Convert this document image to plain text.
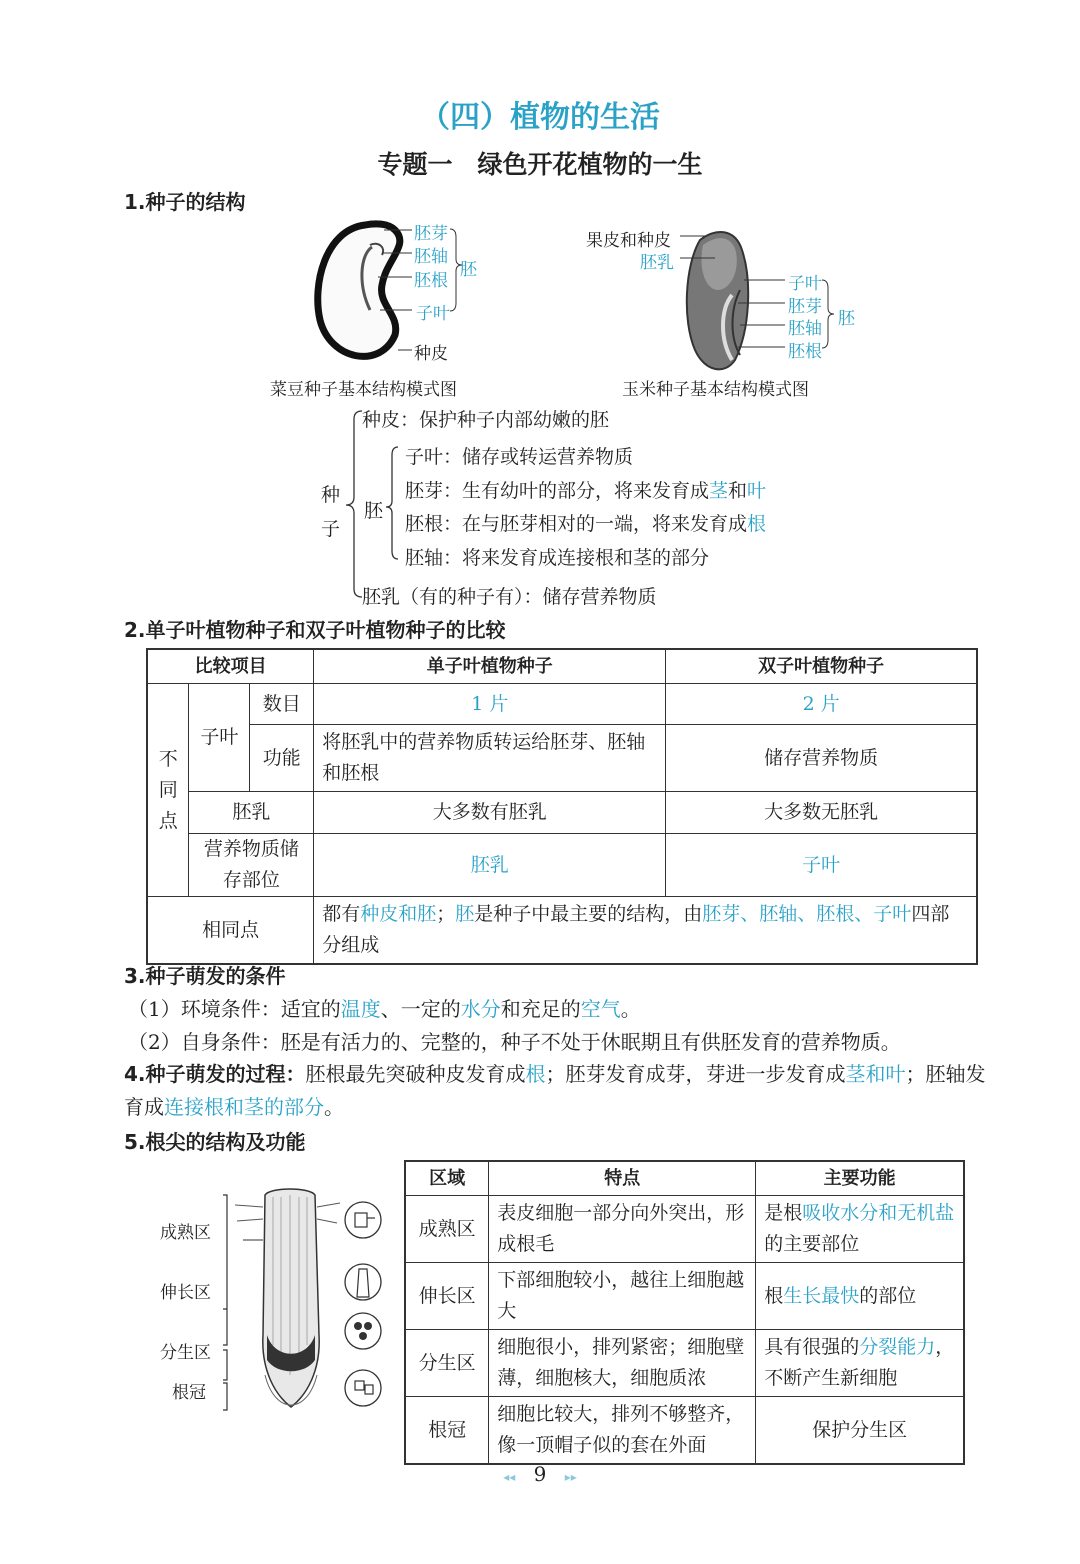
（四）植物的生活
专题一　绿色开花植物的一生
1.种子的结构
胚芽
胚轴
胚根
子叶
胚
种皮
菜豆种子基本结构模式图
果皮和种皮
胚乳
子叶
胚芽
胚轴
胚根
胚
玉米种子基本结构模式图
种
子
胚
种皮：保护种子内部幼嫩的胚
子叶：储存或转运营养物质
胚芽：生有幼叶的部分，将来发育成茎和叶
胚根：在与胚芽相对的一端，将来发育成根
胚轴：将来发育成连接根和茎的部分
胚乳（有的种子有）：储存营养物质
2.单子叶植物种子和双子叶植物种子的比较
比较项目			单子叶植物种子	双子叶植物种子
不同点	子叶	数目	1 片	2 片
		功能	将胚乳中的营养物质转运给胚芽、胚轴和胚根	储存营养物质
	胚乳		大多数有胚乳	大多数无胚乳
	营养物质储存部位		胚乳	子叶
相同点			都有种皮和胚；胚是种子中最主要的结构，由胚芽、胚轴、胚根、子叶四部分组成	
3.种子萌发的条件
（1）环境条件：适宜的温度、一定的水分和充足的空气。
（2）自身条件：胚是有活力的、完整的，种子不处于休眠期且有供胚发育的营养物质。
4.种子萌发的过程：胚根最先突破种皮发育成根；胚芽发育成芽，芽进一步发育成茎和叶；胚轴发育成连接根和茎的部分。
5.根尖的结构及功能
成熟区
伸长区
分生区
根冠
区域	特点	主要功能
成熟区	表皮细胞一部分向外突出，形成根毛	是根吸收水分和无机盐的主要部位
伸长区	下部细胞较小，越往上细胞越大	根生长最快的部位
分生区	细胞很小，排列紧密；细胞壁薄，细胞核大，细胞质浓	具有很强的分裂能力，不断产生新细胞
根冠	细胞比较大，排列不够整齐，像一顶帽子似的套在外面	保护分生区
◂◂ 9 ▸▸
